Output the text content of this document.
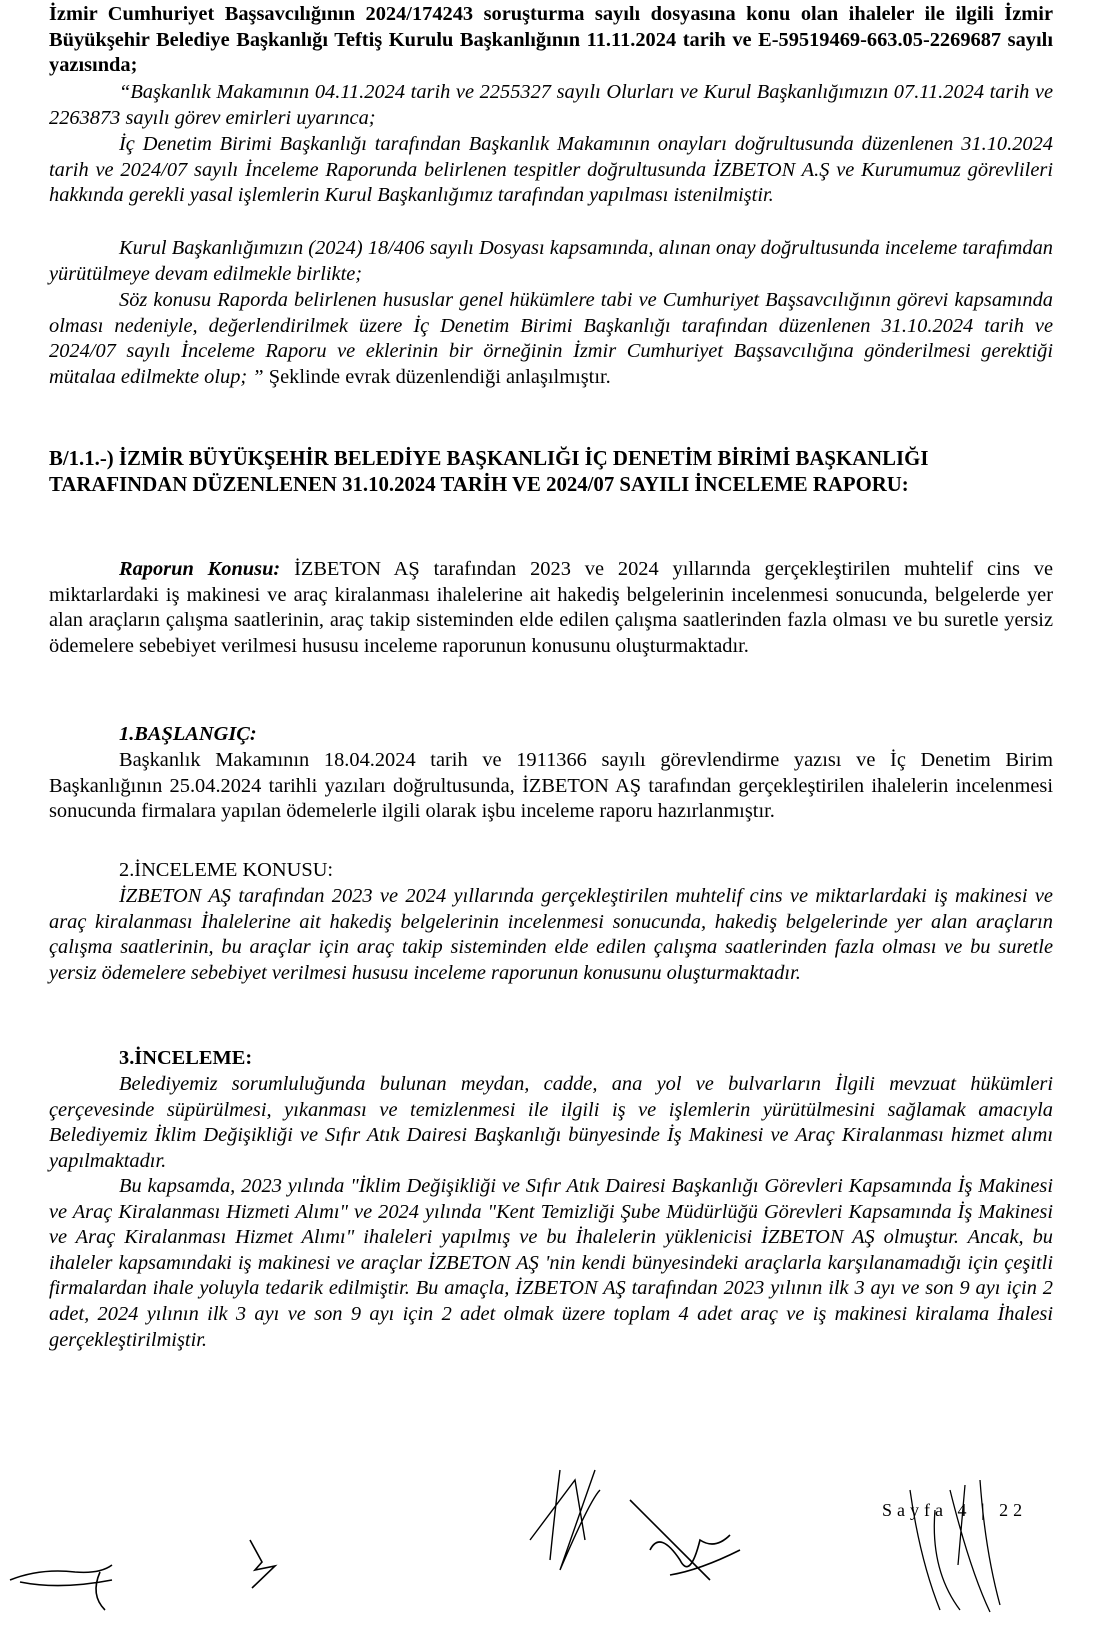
İzmir Cumhuriyet Başsavcılığının 2024/174243 soruşturma sayılı dosyasına konu olan ihaleler ile ilgili İzmir Büyükşehir Belediye Başkanlığı Teftiş Kurulu Başkanlığının 11.11.2024 tarih ve E-59519469-663.05-2269687 sayılı yazısında;

“Başkanlık Makamının 04.11.2024 tarih ve 2255327 sayılı Olurları ve Kurul Başkanlığımızın 07.11.2024 tarih ve 2263873 sayılı görev emirleri uyarınca;

İç Denetim Birimi Başkanlığı tarafından Başkanlık Makamının onayları doğrultusunda düzenlenen 31.10.2024 tarih ve 2024/07 sayılı İnceleme Raporunda belirlenen tespitler doğrultusunda İZBETON A.Ş ve Kurumumuz görevlileri hakkında gerekli yasal işlemlerin Kurul Başkanlığımız tarafından yapılması istenilmiştir.

Kurul Başkanlığımızın (2024) 18/406 sayılı Dosyası kapsamında, alınan onay doğrultusunda inceleme tarafımdan yürütülmeye devam edilmekle birlikte;

Söz konusu Raporda belirlenen hususlar genel hükümlere tabi ve Cumhuriyet Başsavcılığının görevi kapsamında olması nedeniyle, değerlendirilmek üzere İç Denetim Birimi Başkanlığı tarafından düzenlenen 31.10.2024 tarih ve 2024/07 sayılı İnceleme Raporu ve eklerinin bir örneğinin İzmir Cumhuriyet Başsavcılığına gönderilmesi gerektiği mütalaa edilmekte olup; ” Şeklinde evrak düzenlendiği anlaşılmıştır.

B/1.1.-) İZMİR BÜYÜKŞEHİR BELEDİYE BAŞKANLIĞI İÇ DENETİM BİRİMİ BAŞKANLIĞI TARAFINDAN DÜZENLENEN 31.10.2024 TARİH VE 2024/07 SAYILI İNCELEME RAPORU:

Raporun Konusu: İZBETON AŞ tarafından 2023 ve 2024 yıllarında gerçekleştirilen muhtelif cins ve miktarlardaki iş makinesi ve araç kiralanması ihalelerine ait hakediş belgelerinin incelenmesi sonucunda, belgelerde yer alan araçların çalışma saatlerinin, araç takip sisteminden elde edilen çalışma saatlerinden fazla olması ve bu suretle yersiz ödemelere sebebiyet verilmesi hususu inceleme raporunun konusunu oluşturmaktadır.

1.BAŞLANGIÇ:

Başkanlık Makamının 18.04.2024 tarih ve 1911366 sayılı görevlendirme yazısı ve İç Denetim Birim Başkanlığının 25.04.2024 tarihli yazıları doğrultusunda, İZBETON AŞ tarafından gerçekleştirilen ihalelerin incelenmesi sonucunda firmalara yapılan ödemelerle ilgili olarak işbu inceleme raporu hazırlanmıştır.

2.İNCELEME KONUSU:

İZBETON AŞ tarafından 2023 ve 2024 yıllarında gerçekleştirilen muhtelif cins ve miktarlardaki iş makinesi ve araç kiralanması İhalelerine ait hakediş belgelerinin incelenmesi sonucunda, hakediş belgelerinde yer alan araçların çalışma saatlerinin, bu araçlar için araç takip sisteminden elde edilen çalışma saatlerinden fazla olması ve bu suretle yersiz ödemelere sebebiyet verilmesi hususu inceleme raporunun konusunu oluşturmaktadır.

3.İNCELEME:

Belediyemiz sorumluluğunda bulunan meydan, cadde, ana yol ve bulvarların İlgili mevzuat hükümleri çerçevesinde süpürülmesi, yıkanması ve temizlenmesi ile ilgili iş ve işlemlerin yürütülmesini sağlamak amacıyla Belediyemiz İklim Değişikliği ve Sıfır Atık Dairesi Başkanlığı bünyesinde İş Makinesi ve Araç Kiralanması hizmet alımı yapılmaktadır.

Bu kapsamda, 2023 yılında "İklim Değişikliği ve Sıfır Atık Dairesi Başkanlığı Görevleri Kapsamında İş Makinesi ve Araç Kiralanması Hizmeti Alımı" ve 2024 yılında "Kent Temizliği Şube Müdürlüğü Görevleri Kapsamında İş Makinesi ve Araç Kiralanması Hizmet Alımı" ihaleleri yapılmış ve bu İhalelerin yüklenicisi İZBETON AŞ olmuştur. Ancak, bu ihaleler kapsamındaki iş makinesi ve araçlar İZBETON AŞ 'nin kendi bünyesindeki araçlarla karşılanamadığı için çeşitli firmalardan ihale yoluyla tedarik edilmiştir. Bu amaçla, İZBETON AŞ tarafından 2023 yılının ilk 3 ayı ve son 9 ayı için 2 adet, 2024 yılının ilk 3 ayı ve son 9 ayı için 2 adet olmak üzere toplam 4 adet araç ve iş makinesi kiralama İhalesi gerçekleştirilmiştir.

Sayfa 4 | 22
